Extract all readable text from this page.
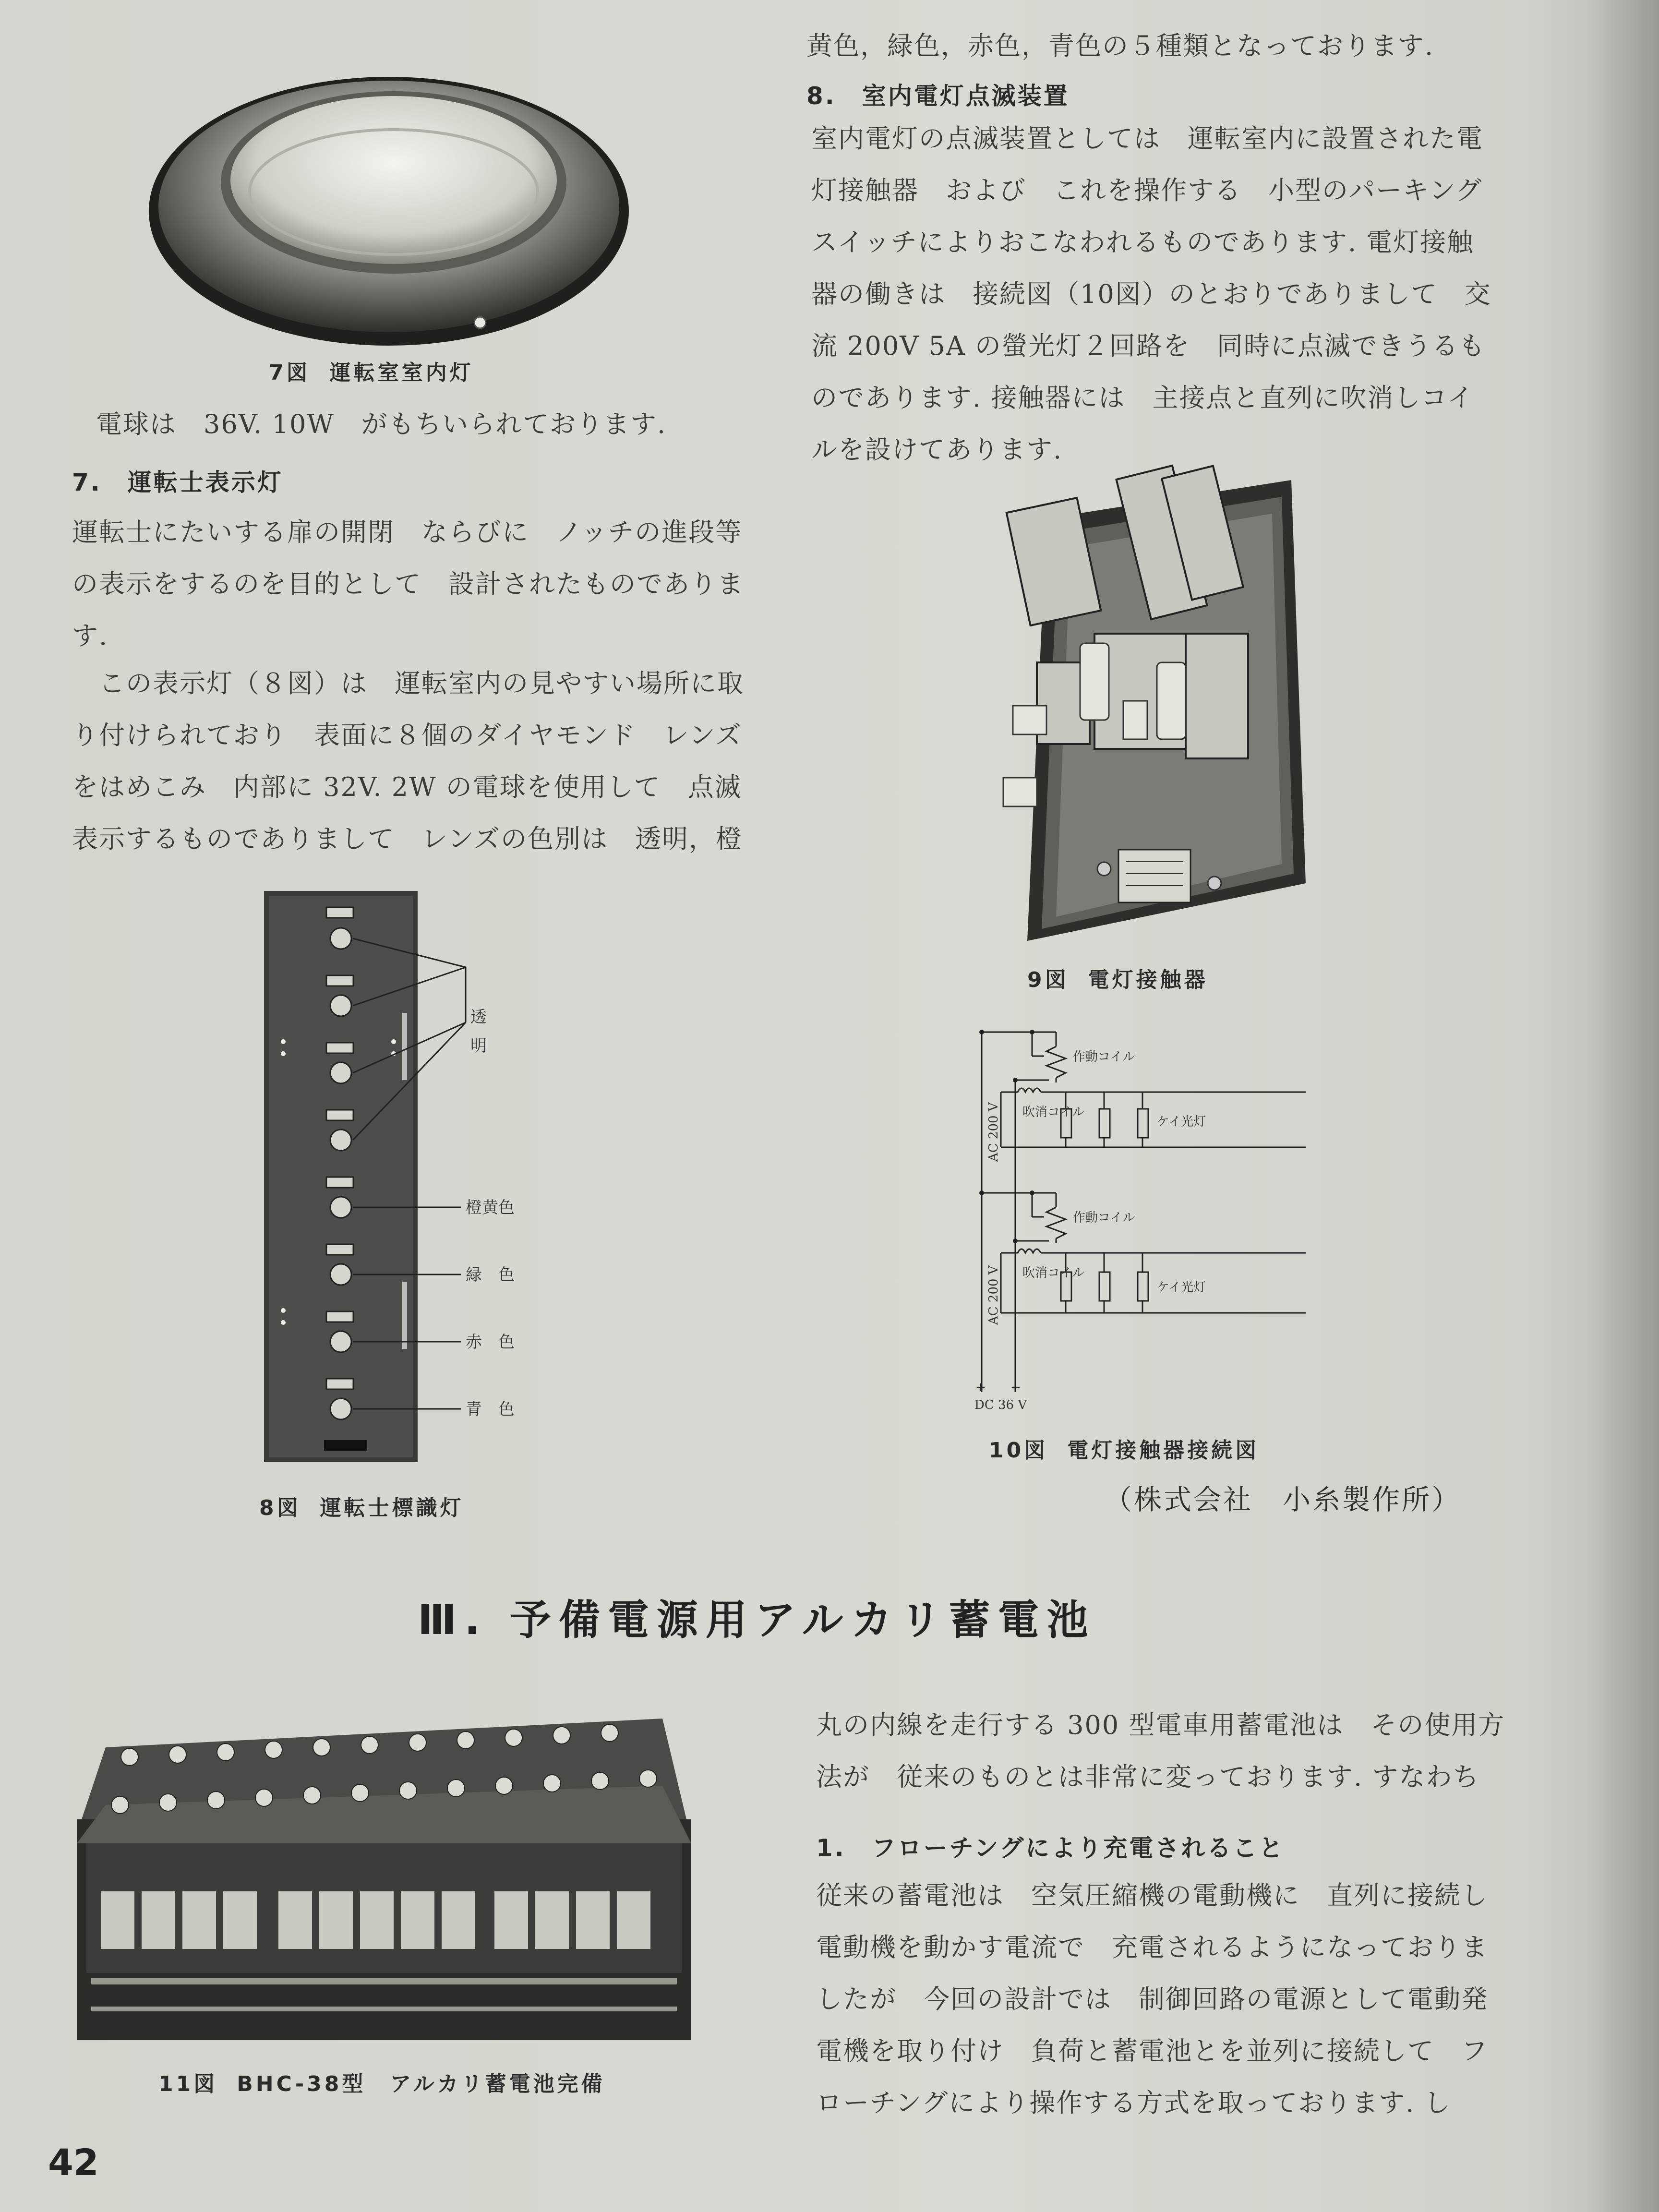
7図 運転室室内灯
電球は　36V. 10W　がもちいられております.
7.　運転士表示灯
運転士にたいする扉の開閉　ならびに　ノッチの進段等
の表示をするのを目的として　設計されたものでありま
す.
この表示灯（８図）は　運転室内の見やすい場所に取
り付けられており　表面に８個のダイヤモンド　レンズ
をはめこみ　内部に 32V. 2W の電球を使用して　点滅
表示するものでありまして　レンズの色別は　透明，橙
透
明
橙黄色
緑　色
赤　色
青　色
8図 運転士標識灯
黄色，緑色，赤色，青色の５種類となっております.
8.　室内電灯点滅装置
室内電灯の点滅装置としては　運転室内に設置された電
灯接触器　および　これを操作する　小型のパーキング
スイッチによりおこなわれるものであります. 電灯接触
器の働きは　接続図（10図）のとおりでありまして　交
流 200V 5A の螢光灯２回路を　同時に点滅できうるも
のであります. 接触器には　主接点と直列に吹消しコイ
ルを設けてあります.
9図 電灯接触器
作動コイル
吹消コイル
ケイ光灯
作動コイル
吹消コイル
ケイ光灯
AC 200 V
AC 200 V
+ −
DC 36 V
10図 電灯接触器接続図
（株式会社　小糸製作所）
Ⅲ. 予備電源用アルカリ蓄電池
11図 BHC-38型　アルカリ蓄電池完備
丸の内線を走行する 300 型電車用蓄電池は　その使用方
法が　従来のものとは非常に変っております. すなわち
1.　フローチングにより充電されること
従来の蓄電池は　空気圧縮機の電動機に　直列に接続し
電動機を動かす電流で　充電されるようになっておりま
したが　今回の設計では　制御回路の電源として電動発
電機を取り付け　負荷と蓄電池とを並列に接続して　フ
ローチングにより操作する方式を取っております. し
42
